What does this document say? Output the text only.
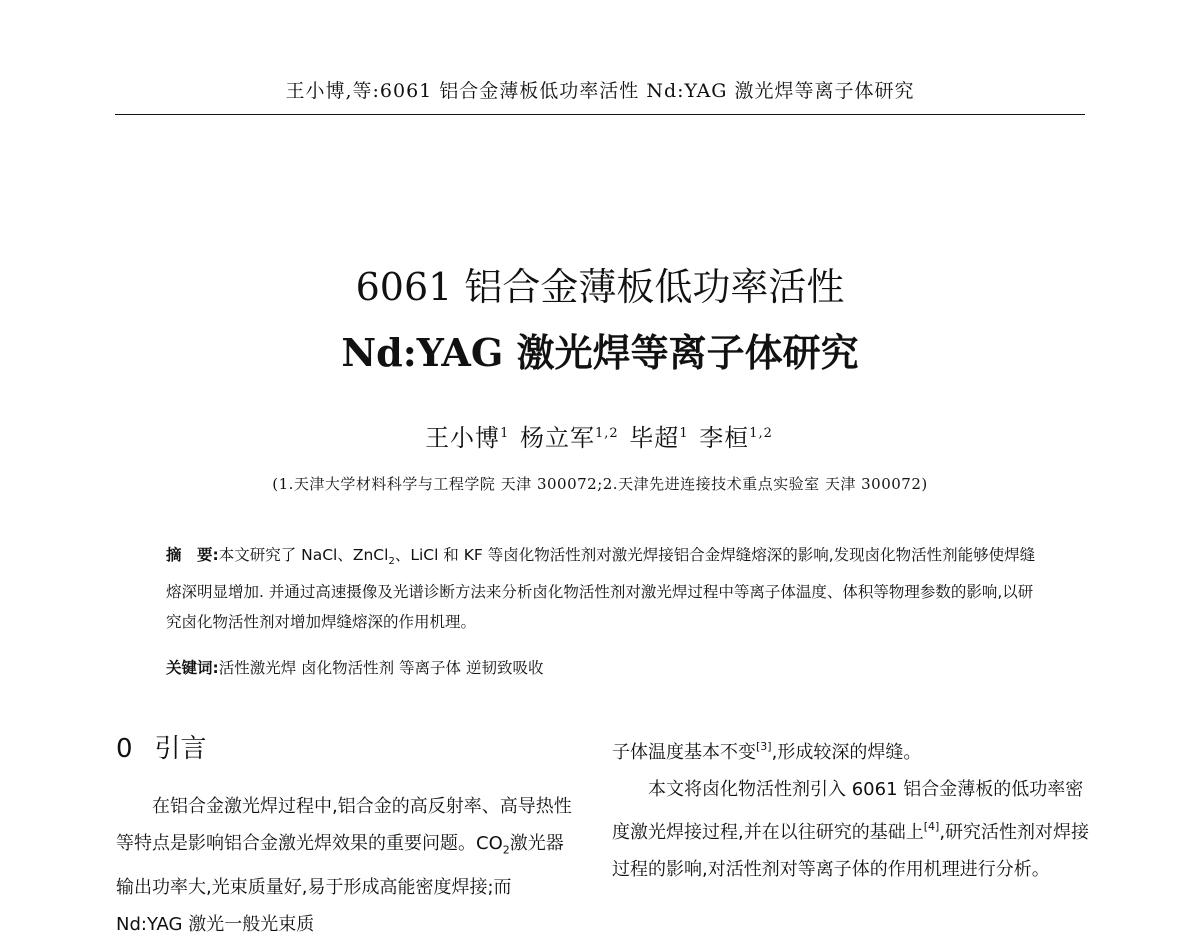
王小博,等:6061 铝合金薄板低功率活性 Nd:YAG 激光焊等离子体研究
6061 铝合金薄板低功率活性
Nd:YAG 激光焊等离子体研究
王小博$^1$ 杨立军$^{1,2}$ 毕超$^1$ 李桓$^{1,2}$
(1.天津大学材料科学与工程学院 天津 300072;2.天津先进连接技术重点实验室 天津 300072)
摘　要:本文研究了 NaCl、ZnCl$_2$、LiCl 和 KF 等卤化物活性剂对激光焊接铝合金焊缝熔深的影响,发现卤化物活性剂能够使焊缝熔深明显增加. 并通过高速摄像及光谱诊断方法来分析卤化物活性剂对激光焊过程中等离子体温度、体积等物理参数的影响,以研究卤化物活性剂对增加焊缝熔深的作用机理。
关键词:活性激光焊 卤化物活性剂 等离子体 逆韧致吸收
0 引言

在铝合金激光焊过程中,铝合金的高反射率、高导热性等特点是影响铝合金激光焊效果的重要问题。$CO_2$激光器输出功率大,光束质量好,易于形成高能密度焊接;而 Nd:YAG 激光一般光束质

子体温度基本不变[3],形成较深的焊缝。

本文将卤化物活性剂引入 6061 铝合金薄板的低功率密度激光焊接过程,并在以往研究的基础上[4],研究活性剂对焊接过程的影响,对活性剂对等离子体的作用机理进行分析。
